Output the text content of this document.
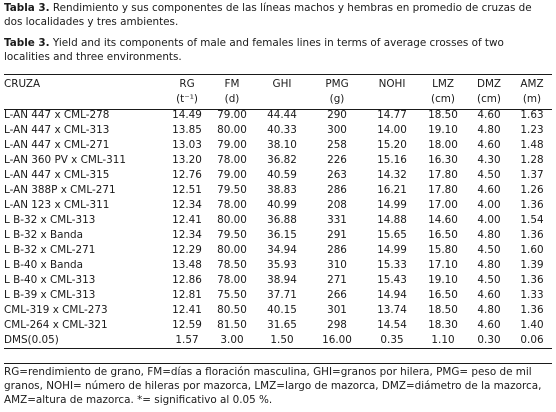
Tabla 3. Rendimiento y sus componentes de las líneas machos y hembras en promedio de cruzas de dos localidades y tres ambientes.
Table 3. Yield and its components of male and females lines in terms of average crosses of two localities and three environments.
CRUZA	RG	FM	GHI	PMG	NOHI	LMZ	DMZ	AMZ
	(t⁻¹)	(d)		(g)		(cm)	(cm)	(m)
L-AN 447 x CML-278	14.49	79.00	44.44	290	14.77	18.50	4.60	1.63
L-AN 447 x CML-313	13.85	80.00	40.33	300	14.00	19.10	4.80	1.23
L-AN 447 x CML-271	13.03	79.00	38.10	258	15.20	18.00	4.60	1.48
L-AN 360 PV x CML-311	13.20	78.00	36.82	226	15.16	16.30	4.30	1.28
L-AN 447 x CML-315	12.76	79.00	40.59	263	14.32	17.80	4.50	1.37
L-AN 388P x CML-271	12.51	79.50	38.83	286	16.21	17.80	4.60	1.26
L-AN 123 x CML-311	12.34	78.00	40.99	208	14.99	17.00	4.00	1.36
L B-32 x CML-313	12.41	80.00	36.88	331	14.88	14.60	4.00	1.54
L B-32 x Banda	12.34	79.50	36.15	291	15.65	16.50	4.80	1.36
L B-32 x CML-271	12.29	80.00	34.94	286	14.99	15.80	4.50	1.60
L B-40 x Banda	13.48	78.50	35.93	310	15.33	17.10	4.80	1.39
L B-40 x CML-313	12.86	78.00	38.94	271	15.43	19.10	4.50	1.36
L B-39 x CML-313	12.81	75.50	37.71	266	14.94	16.50	4.60	1.33
CML-319 x CML-273	12.41	80.50	40.15	301	13.74	18.50	4.80	1.36
CML-264 x CML-321	12.59	81.50	31.65	298	14.54	18.30	4.60	1.40
DMS(0.05)	1.57	3.00	1.50	16.00	0.35	1.10	0.30	0.06
RG=rendimiento de grano, FM=días a floración masculina, GHI=granos por hilera, PMG= peso de mil granos, NOHI= número de hileras por mazorca, LMZ=largo de mazorca, DMZ=diámetro de la mazorca, AMZ=altura de mazorca. *= significativo al 0.05 %.
